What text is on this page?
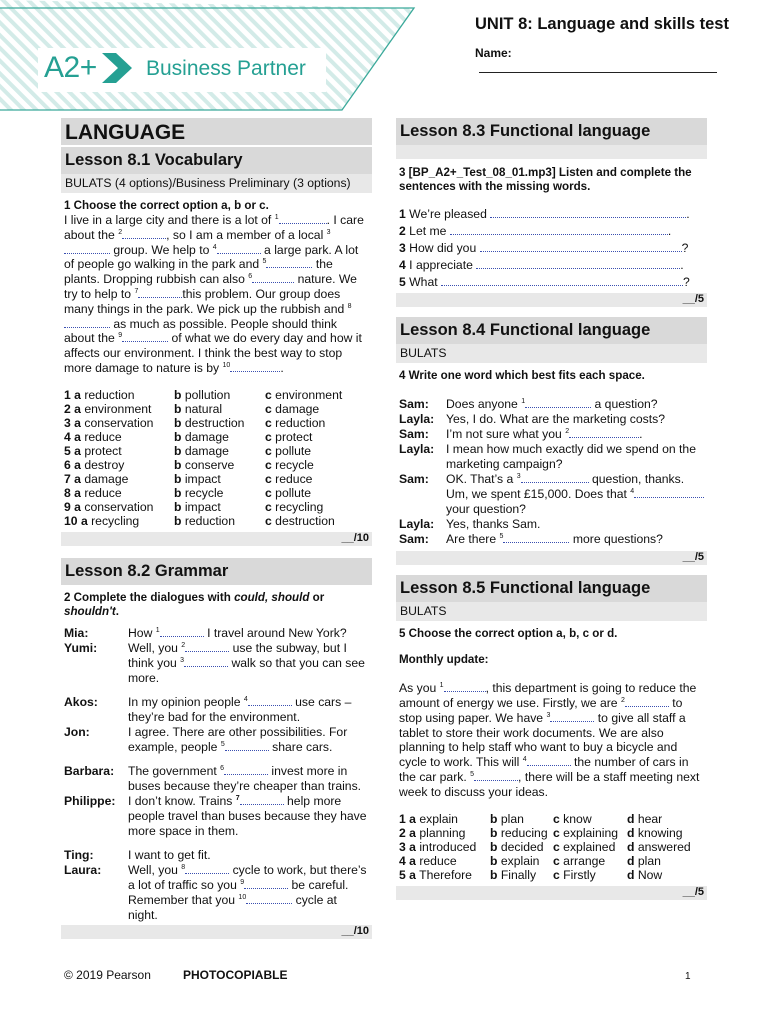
A2+ Business Partner
UNIT 8: Language and skills test
Name:
LANGUAGE
Lesson 8.1 Vocabulary
BULATS (4 options)/Business Preliminary (3 options)
1 Choose the correct option a, b or c.
I live in a large city and there is a lot of $^1$	. I care about the $^2$	, so I am a member of a local $^3$ group. We help to $^4$	a large park. A lot of people go walking in the park and $^5$	the plants. Dropping rubbish can also $^6$	nature. We try to help to $^7$	this problem. Our group does many things in the park. We pick up the rubbish and $^8$ as much as possible. People should think about the $^9$	of what we do every day and how it affects our environment. I think the best way to stop more damage to nature is by $^{10}$	.
1 a reduction	b pollution	c environment
2 a environment	b natural	c damage
3 a conservation	b destruction	c reduction
4 a reduce	b damage	c protect
5 a protect	b damage	c pollute
6 a destroy	b conserve	c recycle
7 a damage	b impact	c reduce
8 a reduce	b recycle	c pollute
9 a conservation	b impact	c recycling
10 a recycling	b reduction	c destruction
__/10
Lesson 8.2 Grammar
2 Complete the dialogues with could, should or shouldn't.
Mia:	How $^1$ I travel around New York?
Yumi:	Well, you $^2$ use the subway, but I think you $^3$ walk so that you can see more.

Akos:	In my opinion people $^4$ use cars – they’re bad for the environment.
Jon:	I agree. There are other possibilities. For example, people $^5$ share cars.

Barbara:	The government $^6$ invest more in buses because they’re cheaper than trains.
Philippe:	I don’t know. Trains $^7$ help more people travel than buses because they have more space in them.

Ting:	I want to get fit.
Laura:	Well, you $^8$ cycle to work, but there’s a lot of traffic so you $^9$ be careful. Remember that you $^{10}$ cycle at night.
__/10
Lesson 8.3 Functional language
3 [BP_A2+_Test_08_01.mp3] Listen and complete the sentences with the missing words.
1 We’re pleased	.
2 Let me	.
3 How did you	?
4 I appreciate	.
5 What	?
__/5
Lesson 8.4 Functional language
BULATS
4 Write one word which best fits each space.
Sam:	Does anyone $^1$ a question?
Layla:	Yes, I do. What are the marketing costs?
Sam:	I’m not sure what you $^2$ .
Layla:	I mean how much exactly did we spend on the marketing campaign?
Sam:	OK. That’s a $^3$ question, thanks. Um, we spent £15,000. Does that $^4$ your question?
Layla:	Yes, thanks Sam.
Sam:	Are there $^5$ more questions?
__/5
Lesson 8.5 Functional language
BULATS
5 Choose the correct option a, b, c or d.
Monthly update:
As you $^1$	, this department is going to reduce the amount of energy we use. Firstly, we are $^2$	to stop using paper. We have $^3$	to give all staff a tablet to store their work documents. We are also planning to help staff who want to buy a bicycle and cycle to work. This will $^4$	the number of cars in the car park. $^5$	, there will be a staff meeting next week to discuss your ideas.
1 a explain	b plan	c know	d hear
2 a planning	b reducing	c explaining	d knowing
3 a introduced	b decided	c explained	d answered
4 a reduce	b explain	c arrange	d plan
5 a Therefore	b Finally	c Firstly	d Now
__/5
© 2019 Pearson	PHOTOCOPIABLE	1
